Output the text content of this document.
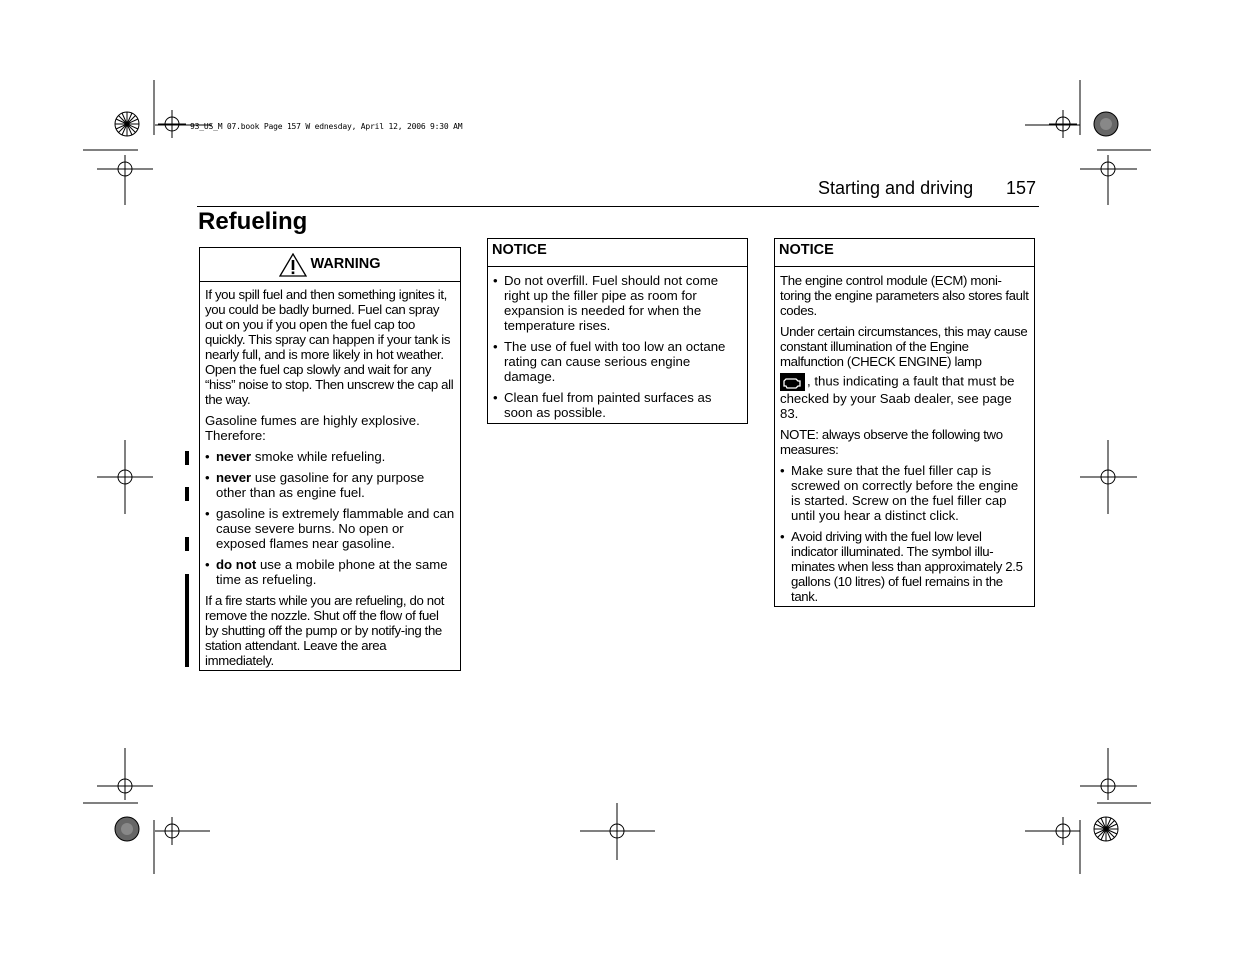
93_US_M 07.book Page 157 W ednesday, April 12, 2006 9:30 AM
Starting and driving 157
Refueling
WARNING

If you spill fuel and then something ignites it, you could be badly burned. Fuel can spray out on you if you open the fuel cap too quickly. This spray can happen if your tank is nearly full, and is more likely in hot weather. Open the fuel cap slowly and wait for any “hiss” noise to stop. Then unscrew the cap all the way.

Gasoline fumes are highly explosive. Therefore:

• never smoke while refueling.
• never use gasoline for any purpose other than as engine fuel.
• gasoline is extremely flammable and can cause severe burns. No open or exposed flames near gasoline.
• do not use a mobile phone at the same time as refueling.

If a fire starts while you are refueling, do not remove the nozzle. Shut off the flow of fuel by shutting off the pump or by notify-ing the station attendant. Leave the area immediately.

NOTICE
• Do not overfill. Fuel should not come right up the filler pipe as room for expansion is needed for when the temperature rises.
• The use of fuel with too low an octane rating can cause serious engine damage.
• Clean fuel from painted surfaces as soon as possible.
NOTICE

The engine control module (ECM) moni-toring the engine parameters also stores fault codes.

Under certain circumstances, this may cause constant illumination of the Engine malfunction (CHECK ENGINE) lamp

, thus indicating a fault that must be checked by your Saab dealer, see page 83.

NOTE: always observe the following two measures:

• Make sure that the fuel filler cap is screwed on correctly before the engine is started. Screw on the fuel filler cap until you hear a distinct click.
• Avoid driving with the fuel low level indicator illuminated. The symbol illu-minates when less than approximately 2.5 gallons (10 litres) of fuel remains in the tank.
